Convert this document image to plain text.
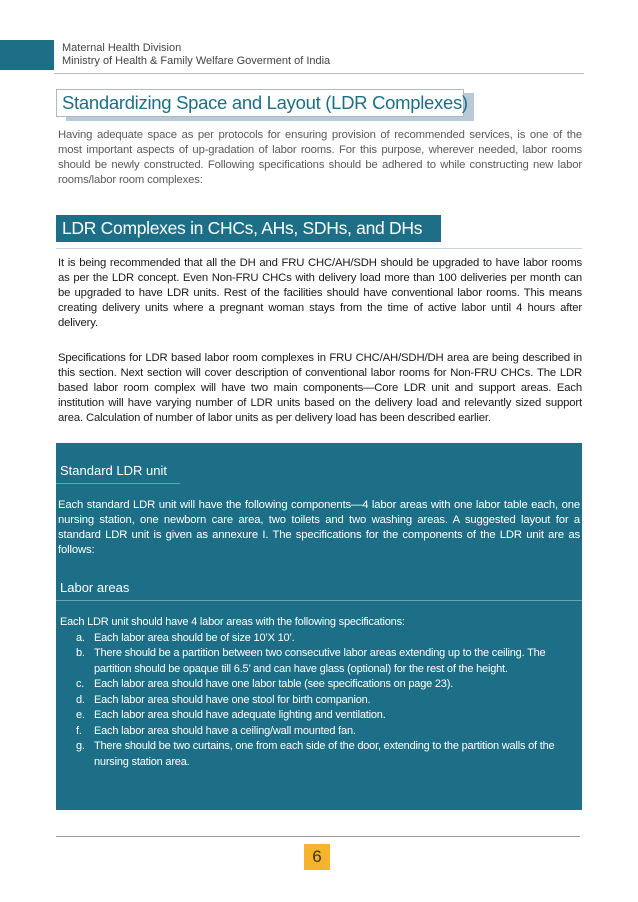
Maternal Health Division
Ministry of Health & Family Welfare Goverment of India
Standardizing Space and Layout (LDR Complexes)
Having adequate space as per protocols for ensuring provision of recommended services, is one of the most important aspects of up-gradation of labor rooms. For this purpose, wherever needed, labor rooms should be newly constructed. Following specifications should be adhered to while constructing new labor rooms/labor room complexes:
LDR Complexes in CHCs, AHs, SDHs, and DHs
It is being recommended that all the DH and FRU CHC/AH/SDH should be upgraded to have labor rooms as per the LDR concept. Even Non-FRU CHCs with delivery load more than 100 deliveries per month can be upgraded to have LDR units. Rest of the facilities should have conventional labor rooms. This means creating delivery units where a pregnant woman stays from the time of active labor until 4 hours after delivery.
Specifications for LDR based labor room complexes in FRU CHC/AH/SDH/DH area are being described in this section. Next section will cover description of conventional labor rooms for Non-FRU CHCs. The LDR based labor room complex will have two main components—Core LDR unit and support areas. Each institution will have varying number of LDR units based on the delivery load and relevantly sized support area. Calculation of number of labor units as per delivery load has been described earlier.
Standard LDR unit
Each standard LDR unit will have the following components—4 labor areas with one labor table each, one nursing station, one newborn care area, two toilets and two washing areas. A suggested layout for a standard LDR unit is given as annexure I. The specifications for the components of the LDR unit are as follows:
Labor areas

Each LDR unit should have 4 labor areas with the following specifications:

a. Each labor area should be of size 10’X 10’.
b. There should be a partition between two consecutive labor areas extending up to the ceiling. The partition should be opaque till 6.5’ and can have glass (optional) for the rest of the height.
c. Each labor area should have one labor table (see specifications on page 23).
d. Each labor area should have one stool for birth companion.
e. Each labor area should have adequate lighting and ventilation.
f. Each labor area should have a ceiling/wall mounted fan.
g. There should be two curtains, one from each side of the door, extending to the partition walls of the nursing station area.
6
